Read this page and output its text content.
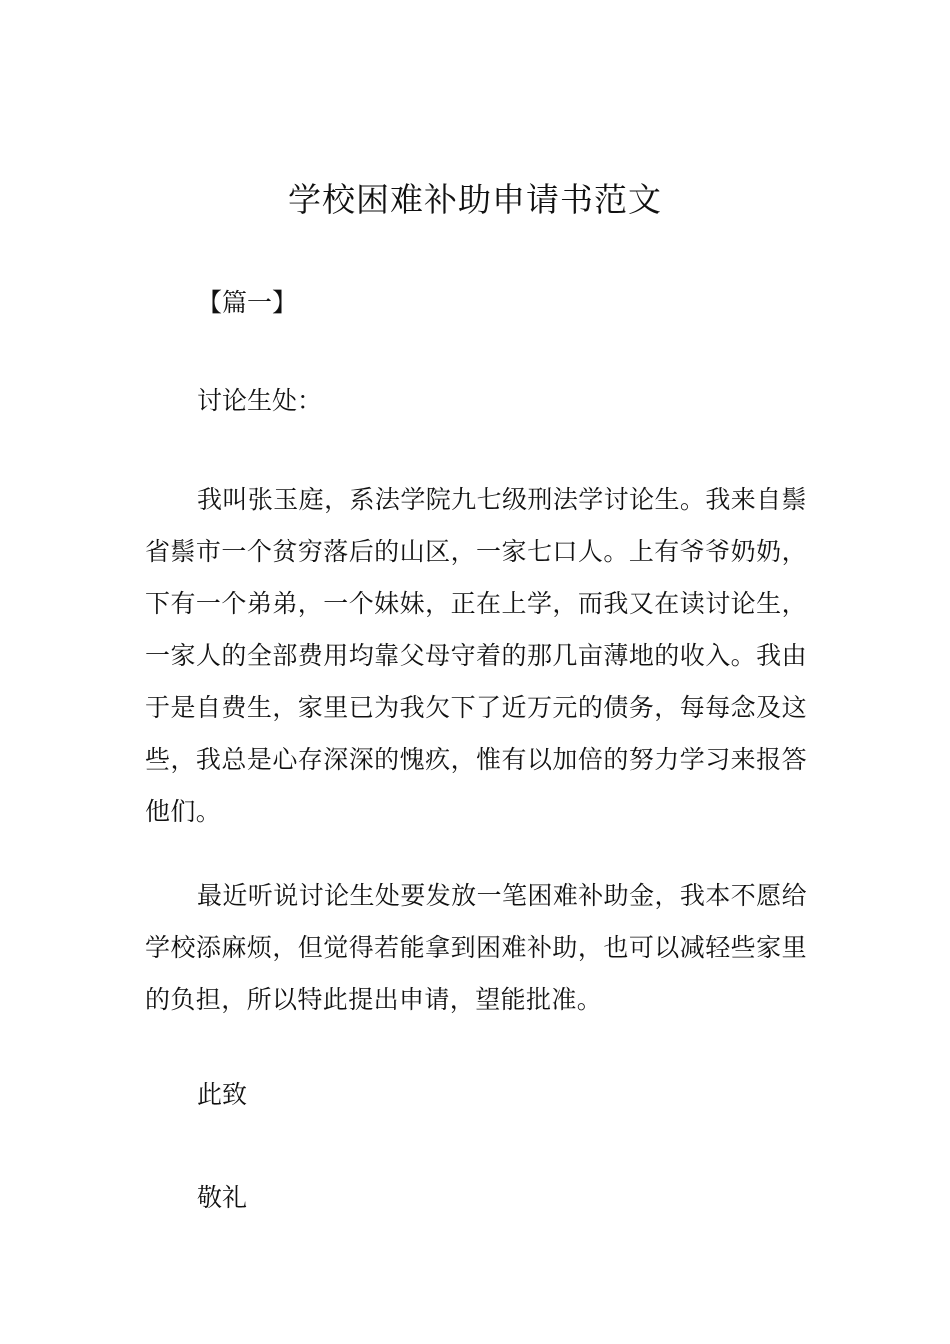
学校困难补助申请书范文

【篇一】

讨论生处：

我叫张玉庭，系法学院九七级刑法学讨论生。我来自鬃省鬃市一个贫穷落后的山区，一家七口人。上有爷爷奶奶，下有一个弟弟，一个妹妹，正在上学，而我又在读讨论生，一家人的全部费用均靠父母守着的那几亩薄地的收入。我由于是自费生，家里已为我欠下了近万元的债务，每每念及这些，我总是心存深深的愧疚，惟有以加倍的努力学习来报答他们。

最近听说讨论生处要发放一笔困难补助金，我本不愿给学校添麻烦，但觉得若能拿到困难补助，也可以减轻些家里的负担，所以特此提出申请，望能批准。

此致

敬礼
